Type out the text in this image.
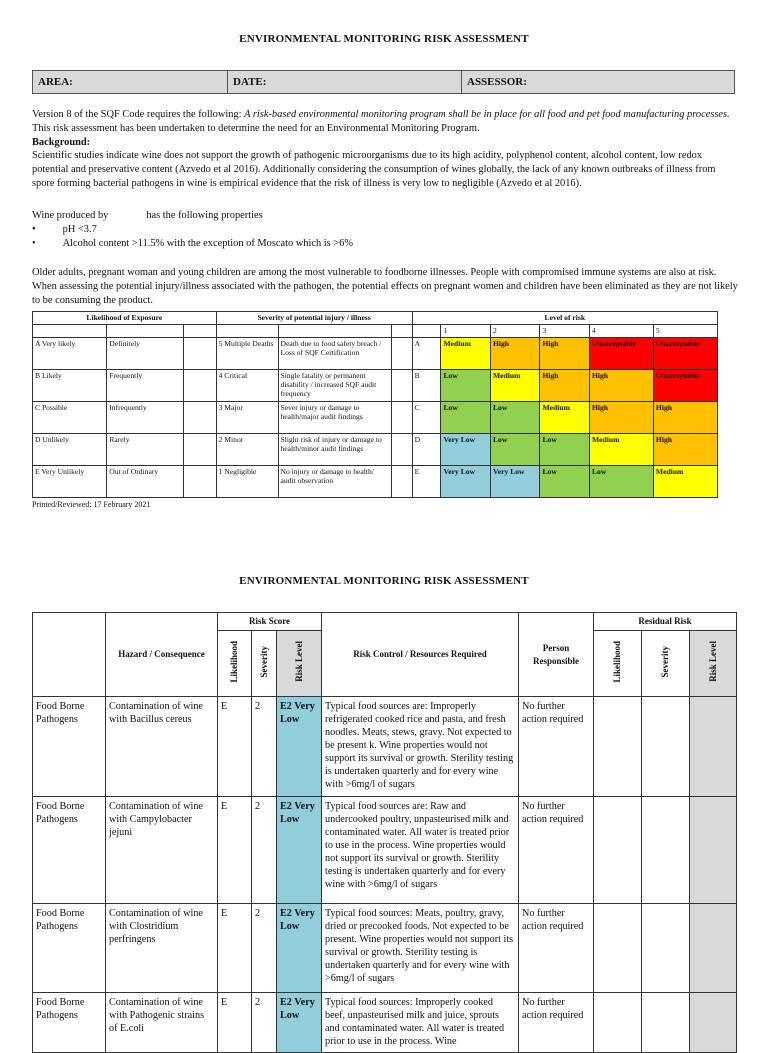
ENVIRONMENTAL MONITORING RISK ASSESSMENT
AREA:	DATE:	ASSESSOR:

Version 8 of the SQF Code requires the following: A risk-based environmental monitoring program shall be in place for all food and pet food manufacturing processes. This risk assessment has been undertaken to determine the need for an Environmental Monitoring Program.

Background:

Scientific studies indicate wine does not support the growth of pathogenic microorganisms due to its high acidity, polyphenol content, alcohol content, low redox potential and preservative content (Azvedo et al 2016). Additionally considering the consumption of wines globally, the lack of any known outbreaks of illness from spore forming bacterial pathogens in wine is empirical evidence that the risk of illness is very low to negligible (Azvedo et al 2016).

Wine produced by	has the following properties

•	pH <3.7

•	Alcohol content >11.5% with the exception of Moscato which is >6%

Older adults, pregnant woman and young children are among the most vulnerable to foodborne illnesses. People with compromised immune systems are also at risk. When assessing the potential injury/illness associated with the pathogen, the potential effects on pregnant women and children have been eliminated as they are not likely to be consuming the product.
Likelihood of Exposure			Severity of potential injury / illness			Level of risk					
							1	2	3	4	5
A Very likely	Definitely		5 Multiple Deaths	Death due to food safety breach / Loss of SQF Certification		A	Medium	High	High	Unacceptable	Unacceptable
B Likely	Frequently		4 Critical	Single fatality or permanent disability / increased SQF audit frequency		B	Low	Medium	High	High	Unacceptable
C Possible	Infrequently		3 Major	Sever injury or damage to health/major audit findings		C	Low	Low	Medium	High	High
D Unlikely	Rarely		2 Minor	Slight risk of injury or damage to health/minor audit findings		D	Very Low	Low	Low	Medium	High
E Very Unlikely	Out of Ordinary		1 Negligible	No injury or damage to health/ audit observation		E	Very Low	Very Low	Low	Low	Medium
Printed/Reviewed: 17 February 2021
ENVIRONMENTAL MONITORING RISK ASSESSMENT
	Hazard / Consequence	Risk Score			Risk Control / Resources Required	Person Responsible	Residual Risk		
		Likelihood	Severity	Risk Level			Likelihood	Severity	Risk Level
Food Borne Pathogens	Contamination of wine with Bacillus cereus	E	2	E2 Very Low	Typical food sources are: Improperly refrigerated cooked rice and pasta, and fresh noodles. Meats, stews, gravy. Not expected to be present k. Wine properties would not support its survival or growth. Sterility testing is undertaken quarterly and for every wine with >6mg/l of sugars	No further action required			
Food Borne Pathogens	Contamination of wine with Campylobacter jejuni	E	2	E2 Very Low	Typical food sources are: Raw and undercooked poultry, unpasteurised milk and contaminated water. All water is treated prior to use in the process. Wine properties would not support its survival or growth. Sterility testing is undertaken quarterly and for every wine with >6mg/l of sugars	No further action required			
Food Borne Pathogens	Contamination of wine with Clostridium perfringens	E	2	E2 Very Low	Typical food sources: Meats, poultry, gravy, dried or precooked foods. Not expected to be present. Wine properties would not support its survival or growth. Sterility testing is undertaken quarterly and for every wine with >6mg/l of sugars	No further action required			
Food Borne Pathogens	Contamination of wine with Pathogenic strains of E.coli	E	2	E2 Very Low	Typical food sources: Improperly cooked beef, unpasteurised milk and juice, sprouts and contaminated water. All water is treated prior to use in the process. Wine	No further action required			
